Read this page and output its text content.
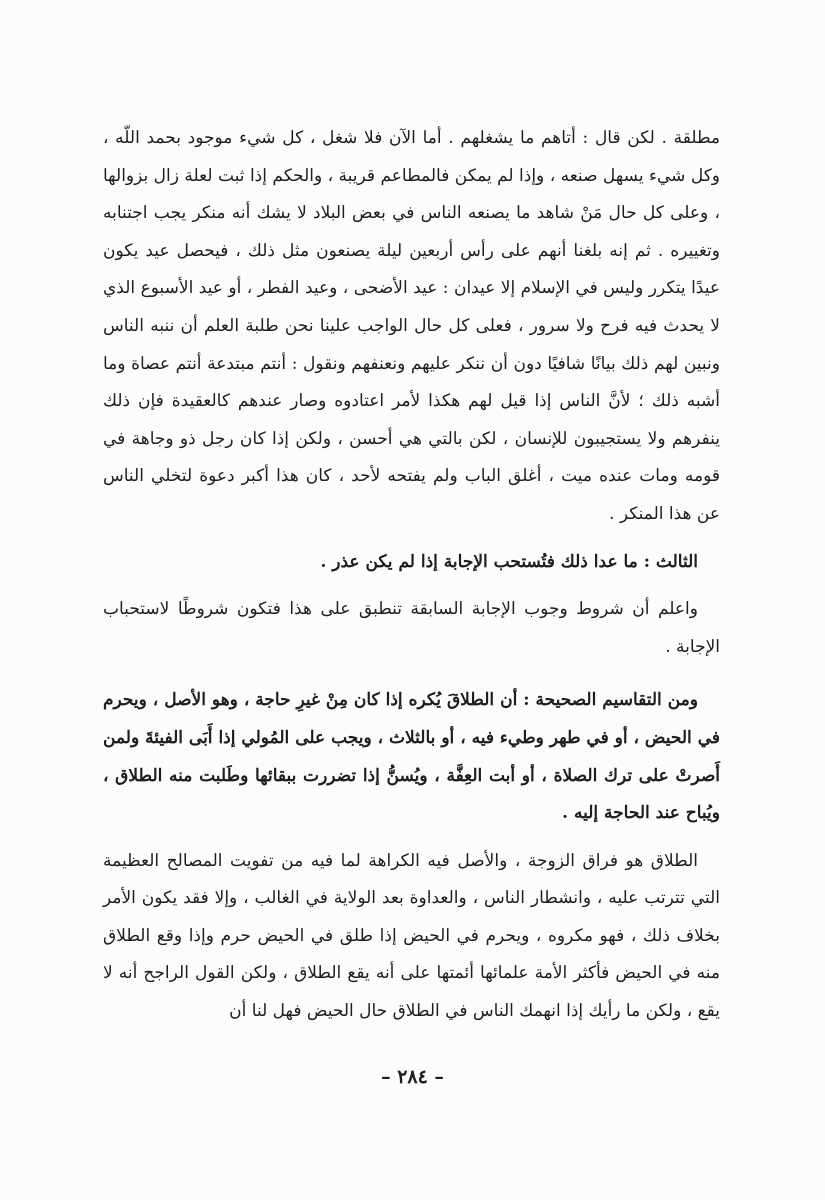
مطلقة . لكن قال : أتاهم ما يشغلهم . أما الآن فلا شغل ، كل شيء موجود بحمد اللّه ، وكل شيء يسهل صنعه ، وإذا لم يمكن فالمطاعم قريبة ، والحكم إذا ثبت لعلة زال بزوالها ، وعلى كل حال مَنْ شاهد ما يصنعه الناس في بعض البلاد لا يشك أنه منكر يجب اجتنابه وتغييره . ثم إنه بلغنا أنهم على رأس أربعين ليلة يصنعون مثل ذلك ، فيحصل عيد يكون عيدًا يتكرر وليس في الإسلام إلا عيدان : عيد الأضحى ، وعيد الفطر ، أو عيد الأسبوع الذي لا يحدث فيه فرح ولا سرور ، فعلى كل حال الواجب علينا نحن طلبة العلم أن ننبه الناس ونبين لهم ذلك بيانًا شافيًا دون أن ننكر عليهم ونعنفهم ونقول : أنتم مبتدعة أنتم عصاة وما أشبه ذلك ؛ لأنَّ الناس إذا قيل لهم هكذا لأمر اعتادوه وصار عندهم كالعقيدة فإن ذلك ينفرهم ولا يستجيبون للإنسان ، لكن بالتي هي أحسن ، ولكن إذا كان رجل ذو وجاهة في قومه ومات عنده ميت ، أغلق الباب ولم يفتحه لأحد ، كان هذا أكبر دعوة لتخلي الناس عن هذا المنكر .

الثالث : ما عدا ذلك فتُستحب الإجابة إذا لم يكن عذر .

واعلم أن شروط وجوب الإجابة السابقة تنطبق على هذا فتكون شروطًا لاستحباب الإجابة .

ومن التقاسيم الصحيحة : أن الطلاقَ يُكره إذا كان مِنْ غيرِ حاجة ، وهو الأصل ، ويحرم في الحيض ، أو في طهر وطيء فيه ، أو بالثلاث ، ويجب على المُولي إذا أَبَى الفيئةَ ولمن أَصرتْ على ترك الصلاة ، أو أبت العِفَّة ، ويُسنُّ إذا تضررت ببقائها وطَلبت منه الطلاق ، ويُباح عند الحاجة إليه .

الطلاق هو فراق الزوجة ، والأصل فيه الكراهة لما فيه من تفويت المصالح العظيمة التي تترتب عليه ، وانشطار الناس ، والعداوة بعد الولاية في الغالب ، وإلا فقد يكون الأمر بخلاف ذلك ، فهو مكروه ، ويحرم في الحيض إذا طلق في الحيض حرم وإذا وقع الطلاق منه في الحيض فأكثر الأمة علمائها أئمتها على أنه يقع الطلاق ، ولكن القول الراجح أنه لا يقع ، ولكن ما رأيك إذا انهمك الناس في الطلاق حال الحيض فهل لنا أن

– ٢٨٤ –
